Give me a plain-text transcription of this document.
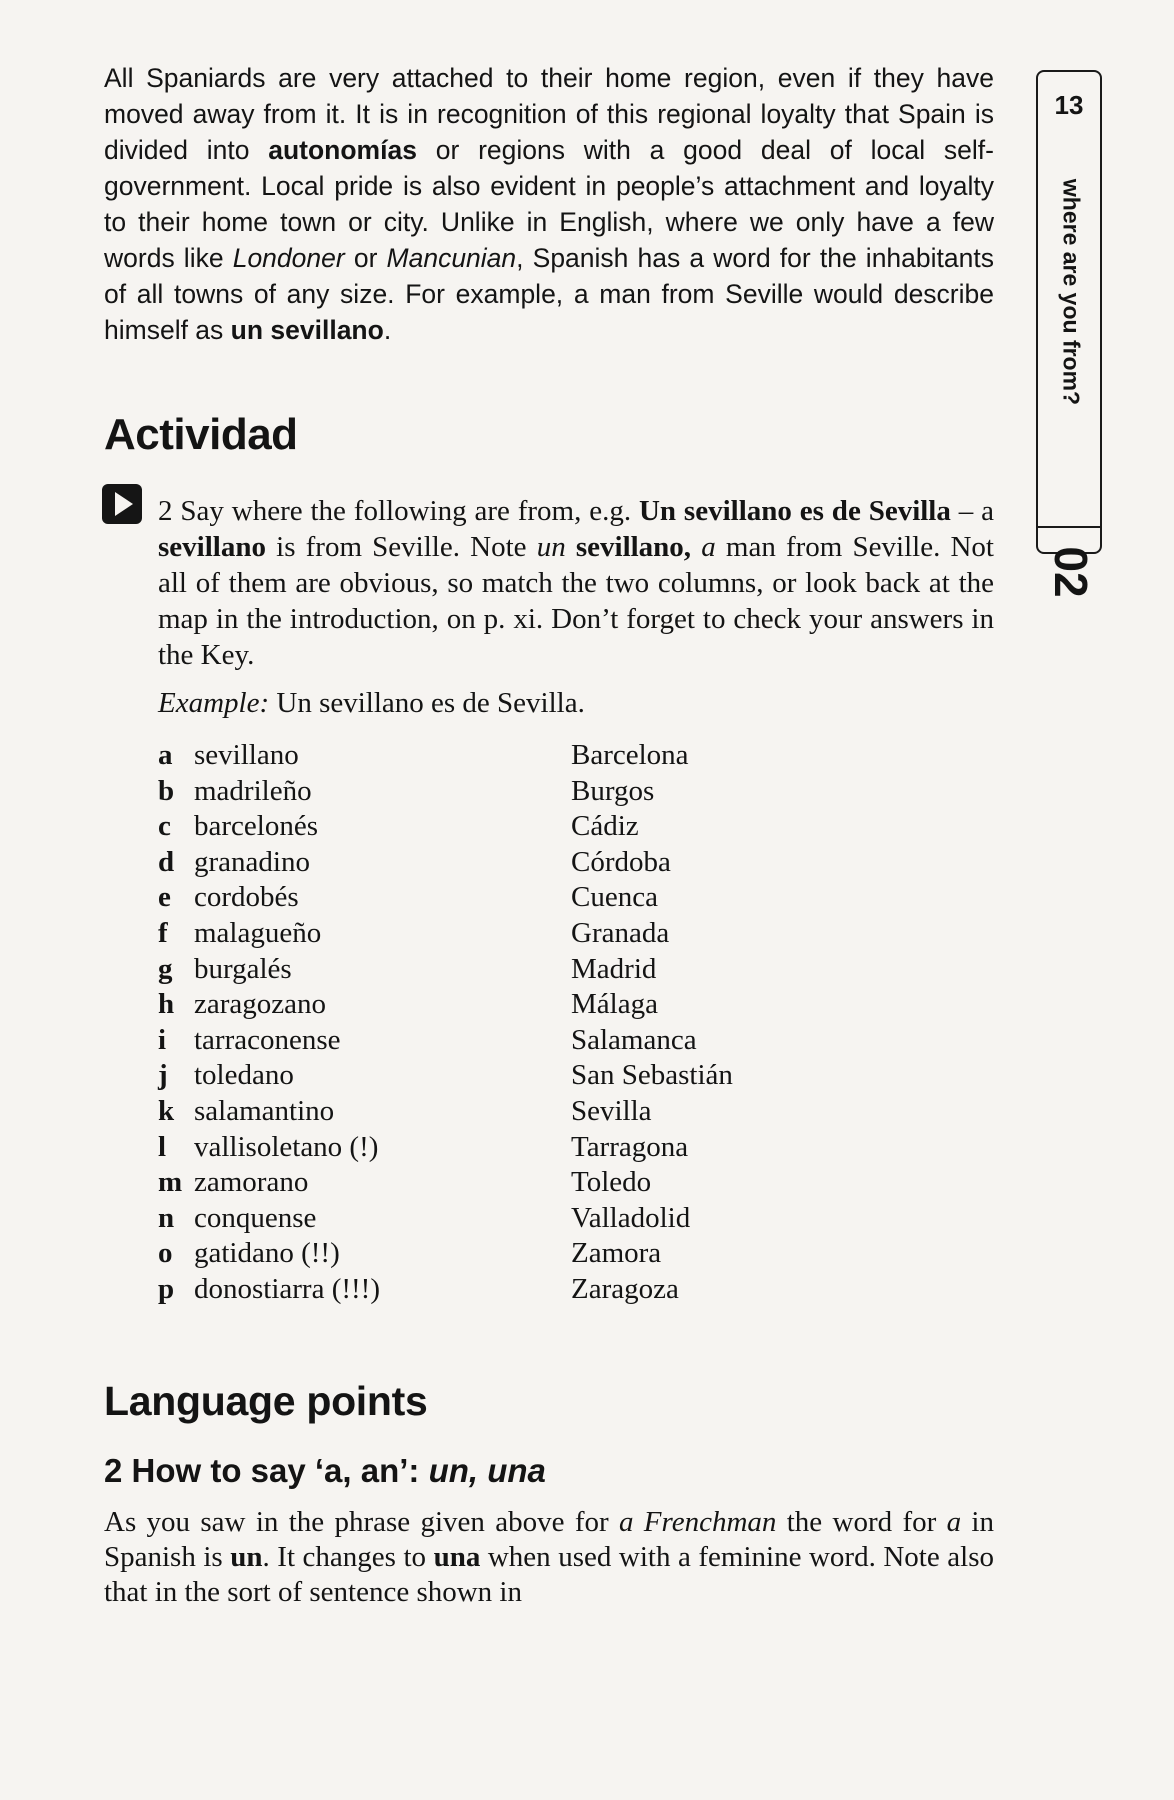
All Spaniards are very attached to their home region, even if they have moved away from it. It is in recognition of this regional loyalty that Spain is divided into autonomías or regions with a good deal of local self-government. Local pride is also evident in people’s attachment and loyalty to their home town or city. Unlike in English, where we only have a few words like Londoner or Mancunian, Spanish has a word for the inhabitants of all towns of any size. For example, a man from Seville would describe himself as un sevillano.
Actividad
2 Say where the following are from, e.g. Un sevillano es de Sevilla – a sevillano is from Seville. Note un sevillano, a man from Seville. Not all of them are obvious, so match the two columns, or look back at the map in the introduction, on p. xi. Don’t forget to check your answers in the Key.
Example: Un sevillano es de Sevilla.
a sevillano
b madrileño
c barcelonés
d granadino
e cordobés
f malagueño
g burgalés
h zaragozano
i tarraconense
j toledano
k salamantino
l vallisoletano (!)
m zamorano
n conquense
o gatidano (!!)
p donostiarra (!!!)
Barcelona
Burgos
Cádiz
Córdoba
Cuenca
Granada
Madrid
Málaga
Salamanca
San Sebastián
Sevilla
Tarragona
Toledo
Valladolid
Zamora
Zaragoza
Language points
2 How to say ‘a, an’: un, una
As you saw in the phrase given above for a Frenchman the word for a in Spanish is un. It changes to una when used with a feminine word. Note also that in the sort of sentence shown in
13
where are you from?
02
